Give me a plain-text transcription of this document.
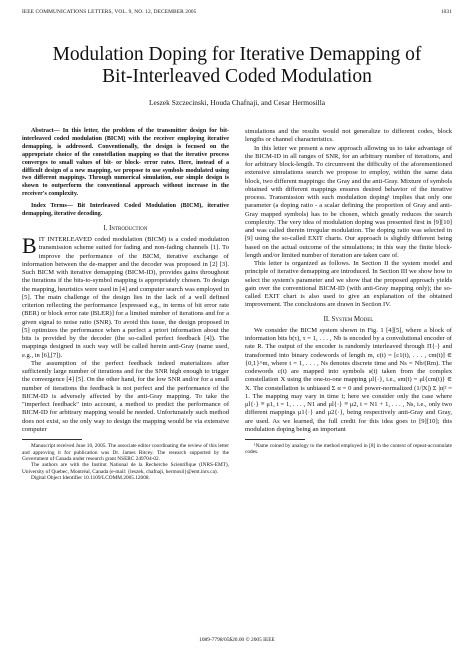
IEEE COMMUNICATIONS LETTERS, VOL. 9, NO. 12, DECEMBER 2005	1031
Modulation Doping for Iterative Demapping of
Bit-Interleaved Coded Modulation
Leszek Szczecinski, Houda Chafnaji, and Cesar Hermosilla

Abstract— In this letter, the problem of the transmitter design for bit-interleaved coded modulation (BICM) with the receiver employing iterative demapping, is addressed. Conventionally, the design is focused on the appropriate choice of the constellation mapping so that the iterative process converges to small values of bit- or block- error rates. Here, instead of a difficult design of a new mapping, we propose to use symbols modulated using two different mappings. Through numerical simulation, our simple design is shown to outperform the conventional approach without increase in the receiver's complexity.

Index Terms— Bit Interleaved Coded Modulation (BICM), iterative demapping, iterative decoding.

I. Introduction

BIT INTERLEAVED coded modulation (BICM) is a coded modulation transmission scheme suited for fading and non-fading channels [1]. To improve the performance of the BICM, iterative exchange of information between the de-mapper and the decoder was proposed in [2] [3]. Such BICM with iterative demapping (BICM-ID), provides gains throughout the iterations if the bits-to-symbol mapping is appropriately chosen. To design the mapping, heuristics were used in [4] and computer search was employed in [5]. The main challenge of the design lies in the lack of a well defined criterion reflecting the performance [expressed e.g., in terms of bit error rate (BER) or block error rate (BLER)] for a limited number of iterations and for a given signal to noise ratio (SNR). To avoid this issue, the design proposed in [5] optimizes the performance when a perfect a priori information about the bits is provided by the decoder (the so-called perfect feedback [4]). The mappings designed in such way will be called herein anti-Gray (name used, e.g., in [6],[7]).

The assumption of the perfect feedback indeed materializes after sufficiently large number of iterations and for the SNR high enough to trigger the convergence [4] [5]. On the other hand, for the low SNR and/or for a small number of iterations the feedback is not perfect and the performance of the BICM-ID is adversely affected by the anti-Gray mapping. To take the "imperfect feedback" into account, a method to predict the performance of BICM-ID for arbitrary mapping would be needed. Unfortunately such method does not exist, so the only way to design the mapping would be via extensive computer

Manuscript received June 10, 2005. The associate editor coordinating the review of this letter and approving it for publication was Dr. James Ritcey. The research supported by the Government of Canada under research grant NSERC 249704-02.

The authors are with the Institut National de la Recherche Scientifique (INRS-EMT), University of Quebec, Montréal, Canada (e-mail: {leszek, chafnaji, hermosil}@emt.inrs.ca).

Digital Object Identifier 10.1109/LCOMM.2005.12008.

simulations and the results would not generalize to different codes, block lengths or channel characteristics.

In this letter we present a new approach allowing us to take advantage of the BICM-ID in all ranges of SNR, for an arbitrary number of iterations, and for arbitrary block-length. To circumvent the difficulty of the aforementioned extensive simulations search we propose to employ, within the same data block, two different mappings: the Gray and the anti-Gray. Mixture of symbols obtained with different mappings ensures desired behavior of the iterative process. Transmission with such modulation doping¹ implies that only one parameter (a doping ratio - a scalar defining the proportion of Gray and anti-Gray mapped symbols) has to be chosen, which greatly reduces the search complexity. The very idea of modulation doping was presented first in [9][10] and was called therein irregular modulation. The doping ratio was selected in [9] using the so-called EXIT charts. Our approach is slightly different being based on the actual outcome of the simulations; in this way the finite block-length and/or limited number of iteration are taken care of.

This letter is organized as follows. In Section II the system model and principle of iterative demapping are introduced. In Section III we show how to select the system's parameter and we show that the proposed approach yields gain over the conventional BICM-ID (with anti-Gray mapping only); the so-called EXIT chart is also used to give an explanation of the obtained improvement. The conclusions are drawn in Section IV.

II. System Model

We consider the BICM system shown in Fig. 1 [4][5], where a block of information bits b(τ), τ = 1, . . . , Nb is encoded by a convolutional encoder of rate R. The output of the encoder is randomly interleaved through Π{·} and transformed into binary codewords of length m, c(t) = [c1(t), . . . , cm(t)] ∈ {0,1}^m, where t = 1, . . . , Ns denotes discrete time and Ns = Nb/(Rm). The codewords c(t) are mapped into symbols s(t) taken from the complex constellation X using the one-to-one mapping μl{·}, i.e., sm(t) = μl{cm(t)} ∈ X. The constellation is unbiased Σ α = 0 and power-normalized (1/|X|) Σ |α|² = 1. The mapping may vary in time t; here we consider only the case where μl{·} ≡ μ1, t = 1, . . . , N1 and μl{·} ≡ μ2, t = N1 + 1, . . . , Ns, i.e., only two different mappings μ1{·} and μ2{·}, being respectively anti-Gray and Gray, are used. As we learned, the full credit for this idea goes to [9][10]; this modulation doping being an important

¹Name coined by analogy to the method employed in [8] in the context of repeat-accumulate codes.

1089-7798/05$20.00 © 2005 IEEE
